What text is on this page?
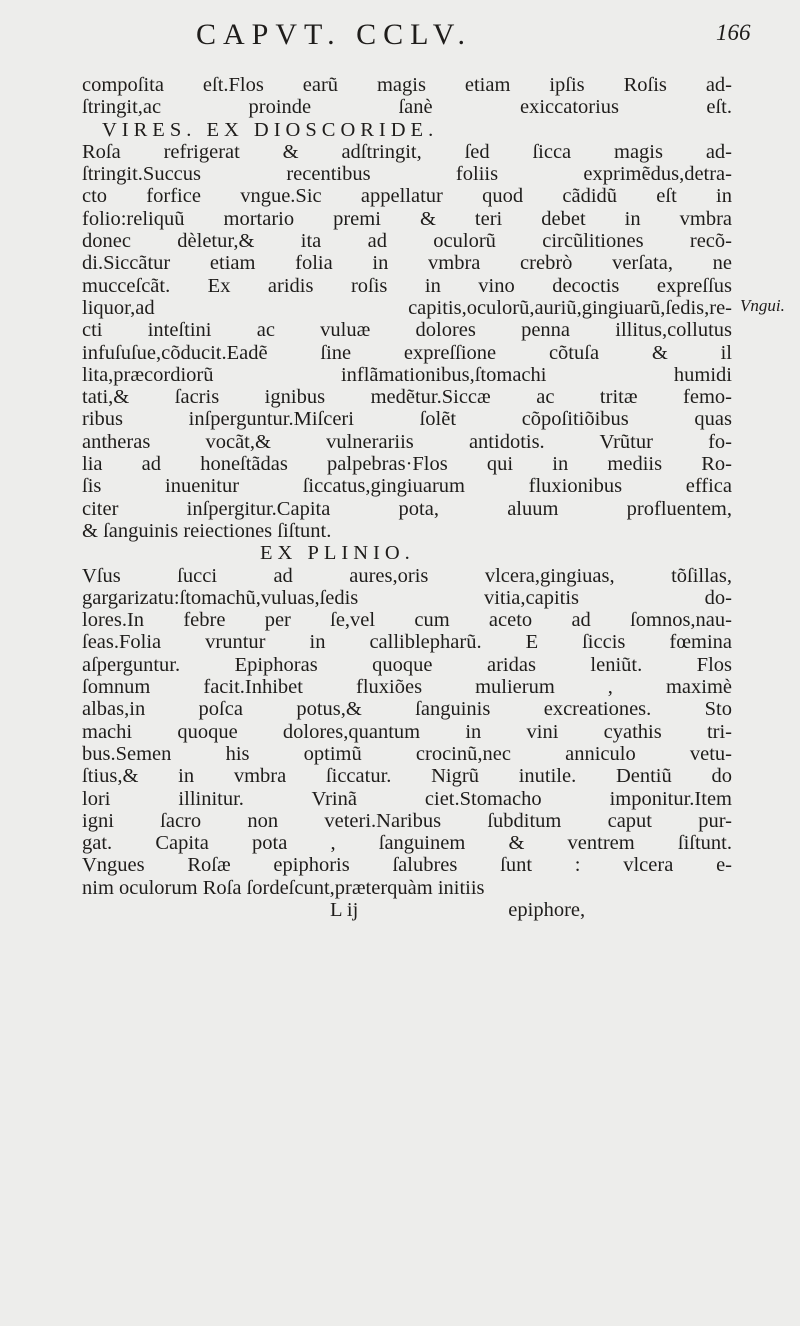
CAPVT. CCLV.	166
Vngui.
compoſita eſt.Flos earũ magis etiam ipſis Roſis ad-
ſtringit,ac proinde ſanè exiccatorius eſt.
VIRES. EX DIOSCORIDE.
Roſa refrigerat & adſtringit, ſed ſicca magis ad-
ſtringit.Succus recentibus foliis exprimẽdus,detra-
cto forfice vngue.Sic appellatur quod cãdidũ eſt in
folio:reliquũ mortario premi & teri debet in vmbra
donec dèletur,& ita ad oculorũ circũlitiones recõ-
di.Siccãtur etiam folia in vmbra crebrò verſata, ne
mucceſcãt. Ex aridis roſis in vino decoctis expreſſus
liquor,ad capitis,oculorũ,auriũ,gingiuarũ,ſedis,re-
cti inteſtini ac vuluæ dolores penna illitus,collutus
infuſuſue,cõducit.Eadẽ ſine expreſſione cõtuſa & il
lita,præcordiorũ inflãmationibus,ſtomachi humidi
tati,& ſacris ignibus medẽtur.Siccæ ac tritæ femo-
ribus inſperguntur.Miſceri ſolẽt cõpoſitiõibus quas
antheras vocãt,& vulnerariis antidotis. Vrũtur fo-
lia ad honeſtãdas palpebras·Flos qui in mediis Ro-
ſis inuenitur ſiccatus,gingiuarum fluxionibus effica
citer inſpergitur.Capita pota, aluum profluentem,
& ſanguinis reiectiones ſiſtunt.
EX PLINIO.
Vſus ſucci ad aures,oris vlcera,gingiuas, tõſillas,
gargarizatu:ſtomachũ,vuluas,ſedis vitia,capitis do-
lores.In febre per ſe,vel cum aceto ad ſomnos,nau-
ſeas.Folia vruntur in calliblepharũ. E ſiccis fœmina
aſperguntur. Epiphoras quoque aridas leniũt. Flos
ſomnum facit.Inhibet fluxiões mulierum , maximè
albas,in poſca potus,& ſanguinis excreationes. Sto
machi quoque dolores,quantum in vini cyathis tri-
bus.Semen his optimũ crocinũ,nec anniculo vetu-
ſtius,& in vmbra ſiccatur. Nigrũ inutile. Dentiũ do
lori illinitur. Vrinã ciet.Stomacho imponitur.Item
igni ſacro non veteri.Naribus ſubditum caput pur-
gat. Capita pota , ſanguinem & ventrem ſiſtunt.
Vngues Roſæ epiphoris ſalubres ſunt : vlcera e-
nim oculorum Roſa ſordeſcunt,præterquàm initiis
L ij	epiphore,
